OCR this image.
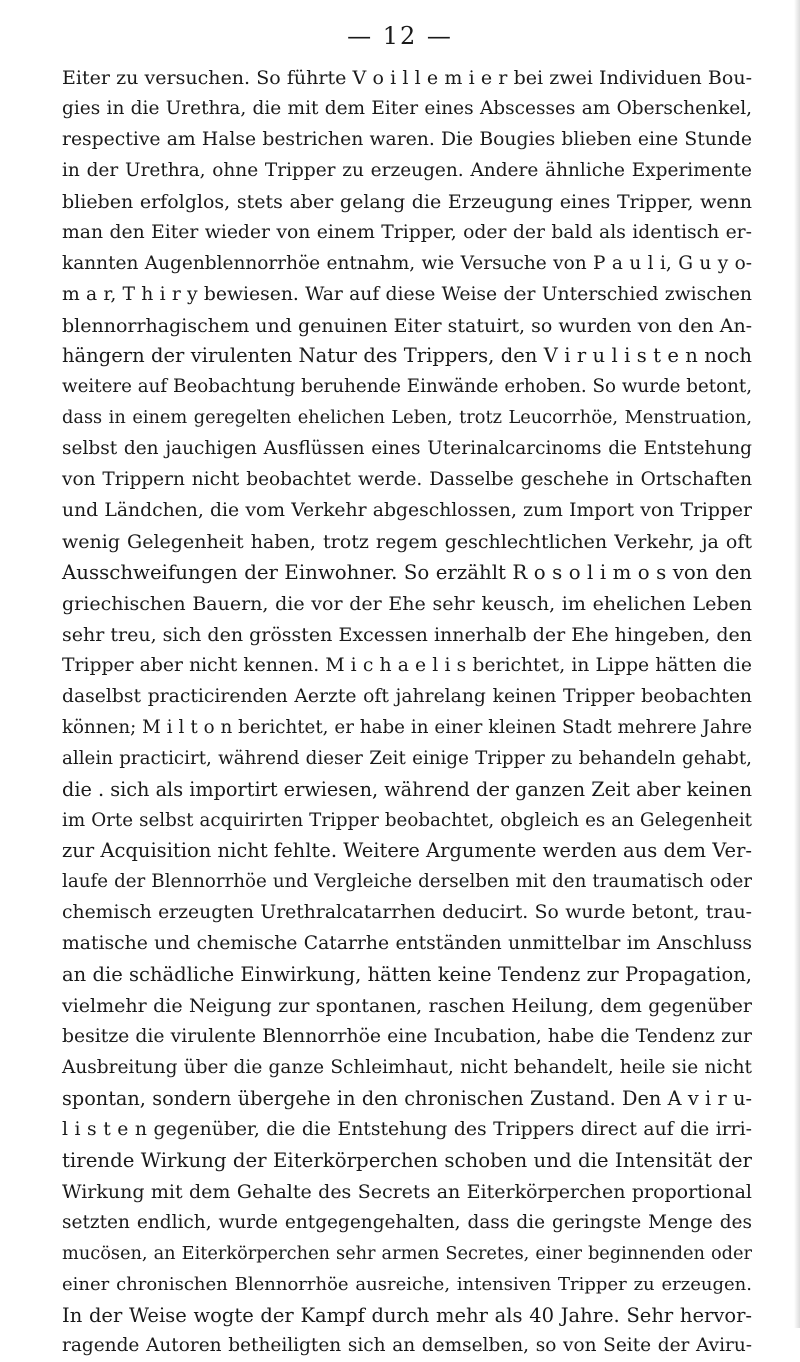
— 12 —
Eiter zu versuchen. So führte V o i l l e m i e r bei zwei Individuen Bou-
gies in die Urethra, die mit dem Eiter eines Abscesses am Oberschenkel,
respective am Halse bestrichen waren. Die Bougies blieben eine Stunde
in der Urethra, ohne Tripper zu erzeugen. Andere ähnliche Experimente
blieben erfolglos, stets aber gelang die Erzeugung eines Tripper, wenn
man den Eiter wieder von einem Tripper, oder der bald als identisch er-
kannten Augenblennorrhöe entnahm, wie Versuche von P a u l i, G u y o-
m a r, T h i r y bewiesen. War auf diese Weise der Unterschied zwischen
blennorrhagischem und genuinen Eiter statuirt, so wurden von den An-
hängern der virulenten Natur des Trippers, den V i r u l i s t e n noch
weitere auf Beobachtung beruhende Einwände erhoben. So wurde betont,
dass in einem geregelten ehelichen Leben, trotz Leucorrhöe, Menstruation,
selbst den jauchigen Ausflüssen eines Uterinalcarcinoms die Entstehung
von Trippern nicht beobachtet werde. Dasselbe geschehe in Ortschaften
und Ländchen, die vom Verkehr abgeschlossen, zum Import von Tripper
wenig Gelegenheit haben, trotz regem geschlechtlichen Verkehr, ja oft
Ausschweifungen der Einwohner. So erzählt R o s o l i m o s von den
griechischen Bauern, die vor der Ehe sehr keusch, im ehelichen Leben
sehr treu, sich den grössten Excessen innerhalb der Ehe hingeben, den
Tripper aber nicht kennen. M i c h a e l i s berichtet, in Lippe hätten die
daselbst practicirenden Aerzte oft jahrelang keinen Tripper beobachten
können; M i l t o n berichtet, er habe in einer kleinen Stadt mehrere Jahre
allein practicirt, während dieser Zeit einige Tripper zu behandeln gehabt,
die . sich als importirt erwiesen, während der ganzen Zeit aber keinen
im Orte selbst acquirirten Tripper beobachtet, obgleich es an Gelegenheit
zur Acquisition nicht fehlte. Weitere Argumente werden aus dem Ver-
laufe der Blennorrhöe und Vergleiche derselben mit den traumatisch oder
chemisch erzeugten Urethralcatarrhen deducirt. So wurde betont, trau-
matische und chemische Catarrhe entständen unmittelbar im Anschluss
an die schädliche Einwirkung, hätten keine Tendenz zur Propagation,
vielmehr die Neigung zur spontanen, raschen Heilung, dem gegenüber
besitze die virulente Blennorrhöe eine Incubation, habe die Tendenz zur
Ausbreitung über die ganze Schleimhaut, nicht behandelt, heile sie nicht
spontan, sondern übergehe in den chronischen Zustand. Den A v i r u-
l i s t e n gegenüber, die die Entstehung des Trippers direct auf die irri-
tirende Wirkung der Eiterkörperchen schoben und die Intensität der
Wirkung mit dem Gehalte des Secrets an Eiterkörperchen proportional
setzten endlich, wurde entgegengehalten, dass die geringste Menge des
mucösen, an Eiterkörperchen sehr armen Secretes, einer beginnenden oder
einer chronischen Blennorrhöe ausreiche, intensiven Tripper zu erzeugen.
In der Weise wogte der Kampf durch mehr als 40 Jahre. Sehr hervor-
ragende Autoren betheiligten sich an demselben, so von Seite der Aviru-
